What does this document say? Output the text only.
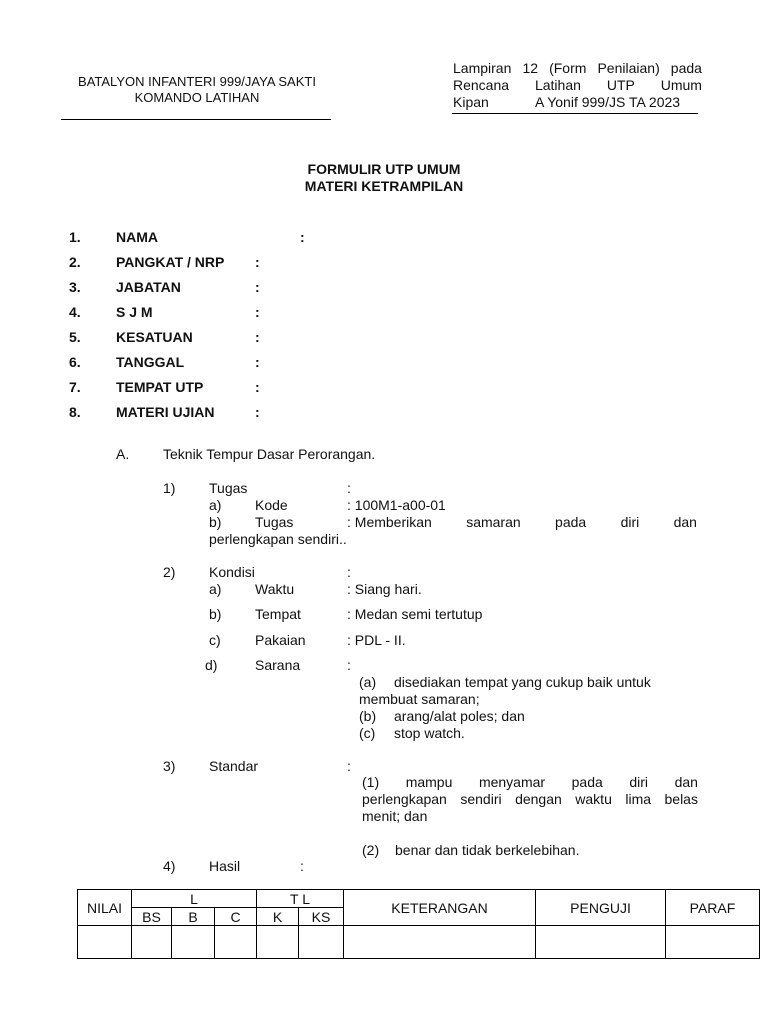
BATALYON INFANTERI 999/JAYA SAKTI
KOMANDO LATIHAN
Lampiran 12 (Form Penilaian) pada
Rencana Latihan UTP Umum
Kipan	A Yonif 999/JS TA 2023
FORMULIR UTP UMUM
MATERI KETRAMPILAN
1.	NAMA	:
2.	PANGKAT / NRP :
3.	JABATAN	:
4.	S J M	:
5.	KESATUAN	:
6.	TANGGAL	:
7.	TEMPAT UTP	:
8.	MATERI UJIAN	:
A. Teknik Tempur Dasar Perorangan.
1) Tugas	:
a) Kode	: 100M1-a00-01
b) Tugas	: Memberikan samaran pada diri dan
perlengkapan sendiri..
2) Kondisi	:
a) Waktu	: Siang hari.
b) Tempat	: Medan semi tertutup
c) Pakaian	: PDL - II.
d)	Sarana	:
(a) disediakan tempat yang cukup baik untuk
membuat samaran;
(b) arang/alat poles; dan
(c) stop watch.
3) Standar	:
(1) mampu menyamar pada diri dan
perlengkapan sendiri dengan waktu lima belas
menit; dan
(2) benar dan tidak berkelebihan.
4) Hasil	:
NILAI	L			T L		KETERANGAN	PENGUJI	PARAF
	BS	B	C	K	KS			
